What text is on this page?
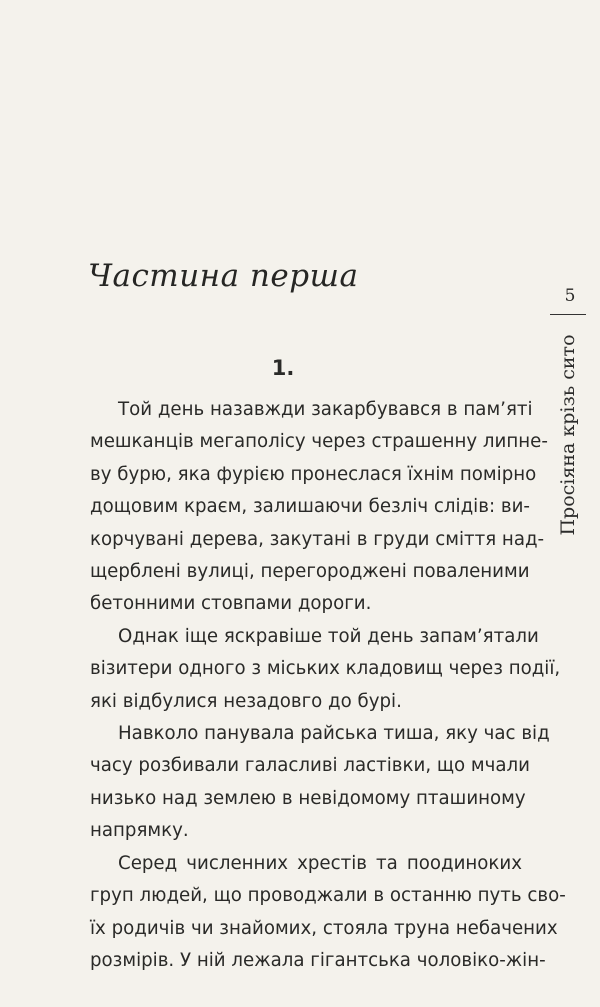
Частина перша
1.
Той день назавжди закарбувався в пам’яті
мешканців мегаполісу через страшенну липне-
ву бурю, яка фурією пронеслася їхнім помірно
дощовим краєм, залишаючи безліч слідів: ви-
корчувані дерева, закутані в груди сміття над-
щерблені вулиці, перегороджені поваленими
бетонними стовпами дороги.
Однак іще яскравіше той день запам’ятали
візитери одного з міських кладовищ через події,
які відбулися незадовго до бурі.
Навколо панувала райська тиша, яку час від
часу розбивали галасливі ластівки, що мчали
низько над землею в невідомому пташиному
напрямку.
Серед численних хрестів та поодиноких
груп людей, що проводжали в останню путь сво-
їх родичів чи знайомих, стояла труна небачених
розмірів. У ній лежала гігантська чоловіко-жін-
5
Просіяна крізь сито
